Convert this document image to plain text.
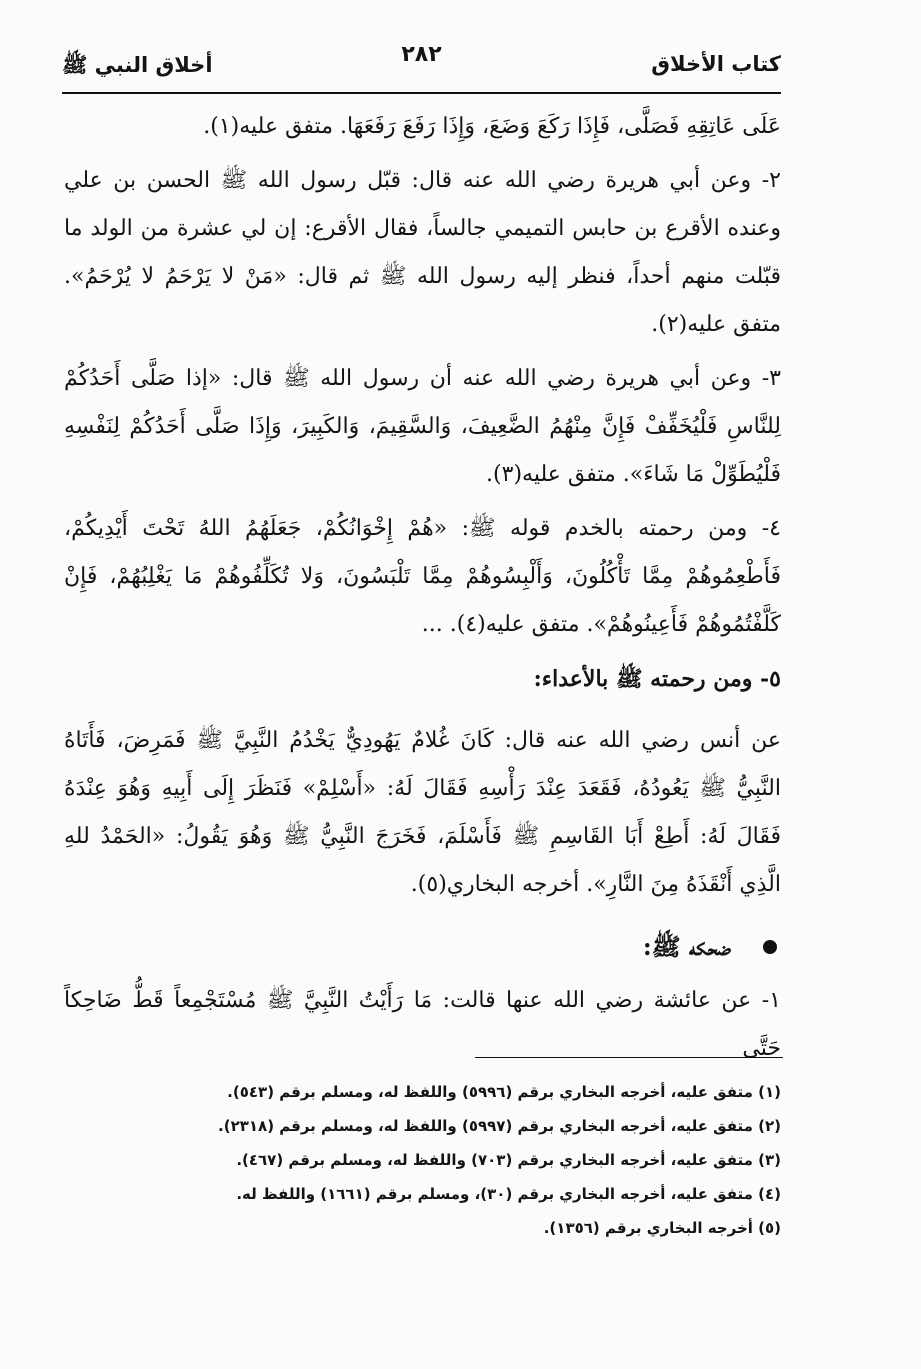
كتاب الأخلاق
٢٨٢
أخلاق النبي ﷺ

عَلَى عَاتِقِهِ فَصَلَّى، فَإِذَا رَكَعَ وَضَعَ، وَإِذَا رَفَعَ رَفَعَهَا. متفق عليه(١).

٢- وعن أبي هريرة رضي الله عنه قال: قبّل رسول الله ﷺ الحسن بن علي وعنده الأقرع بن حابس التميمي جالساً، فقال الأقرع: إن لي عشرة من الولد ما قبّلت منهم أحداً، فنظر إليه رسول الله ﷺ ثم قال: «مَنْ لا يَرْحَمُ لا يُرْحَمُ». متفق عليه(٢).

٣- وعن أبي هريرة رضي الله عنه أن رسول الله ﷺ قال: «إذا صَلَّى أَحَدُكُمْ لِلنَّاسِ فَلْيُخَفِّفْ فَإِنَّ مِنْهُمُ الضَّعِيفَ، وَالسَّقِيمَ، وَالكَبِيرَ، وَإِذَا صَلَّى أَحَدُكُمْ لِنَفْسِهِ فَلْيُطَوِّلْ مَا شَاءَ». متفق عليه(٣).

٤- ومن رحمته بالخدم قوله ﷺ: «هُمْ إِخْوَانُكُمْ، جَعَلَهُمُ اللهُ تَحْتَ أَيْدِيكُمْ، فَأَطْعِمُوهُمْ مِمَّا تَأْكُلُونَ، وَأَلْبِسُوهُمْ مِمَّا تَلْبَسُونَ، وَلا تُكَلِّفُوهُمْ مَا يَغْلِبُهُمْ، فَإِنْ كَلَّفْتُمُوهُمْ فَأَعِينُوهُمْ». متفق عليه(٤). ...

٥- ومن رحمته ﷺ بالأعداء:

عن أنس رضي الله عنه قال: كَانَ غُلامٌ يَهُودِيٌّ يَخْدُمُ النَّبِيَّ ﷺ فَمَرِضَ، فَأَتَاهُ النَّبِيُّ ﷺ يَعُودُهُ، فَقَعَدَ عِنْدَ رَأْسِهِ فَقَالَ لَهُ: «أَسْلِمْ» فَنَظَرَ إِلَى أَبِيهِ وَهُوَ عِنْدَهُ فَقَالَ لَهُ: أَطِعْ أَبَا القَاسِمِ ﷺ فَأَسْلَمَ، فَخَرَجَ النَّبِيُّ ﷺ وَهُوَ يَقُولُ: «الحَمْدُ للهِ الَّذِي أَنْقَذَهُ مِنَ النَّارِ». أخرجه البخاري(٥).

ضحكه ﷺ:

١- عن عائشة رضي الله عنها قالت: مَا رَأَيْتُ النَّبِيَّ ﷺ مُسْتَجْمِعاً قَطُّ ضَاحِكاً حَتَّى

(١) متفق عليه، أخرجه البخاري برقم (٥٩٩٦) واللفظ له، ومسلم برقم (٥٤٣).
(٢) متفق عليه، أخرجه البخاري برقم (٥٩٩٧) واللفظ له، ومسلم برقم (٢٣١٨).
(٣) متفق عليه، أخرجه البخاري برقم (٧٠٣) واللفظ له، ومسلم برقم (٤٦٧).
(٤) متفق عليه، أخرجه البخاري برقم (٣٠)، ومسلم برقم (١٦٦١) واللفظ له.
(٥) أخرجه البخاري برقم (١٣٥٦).
